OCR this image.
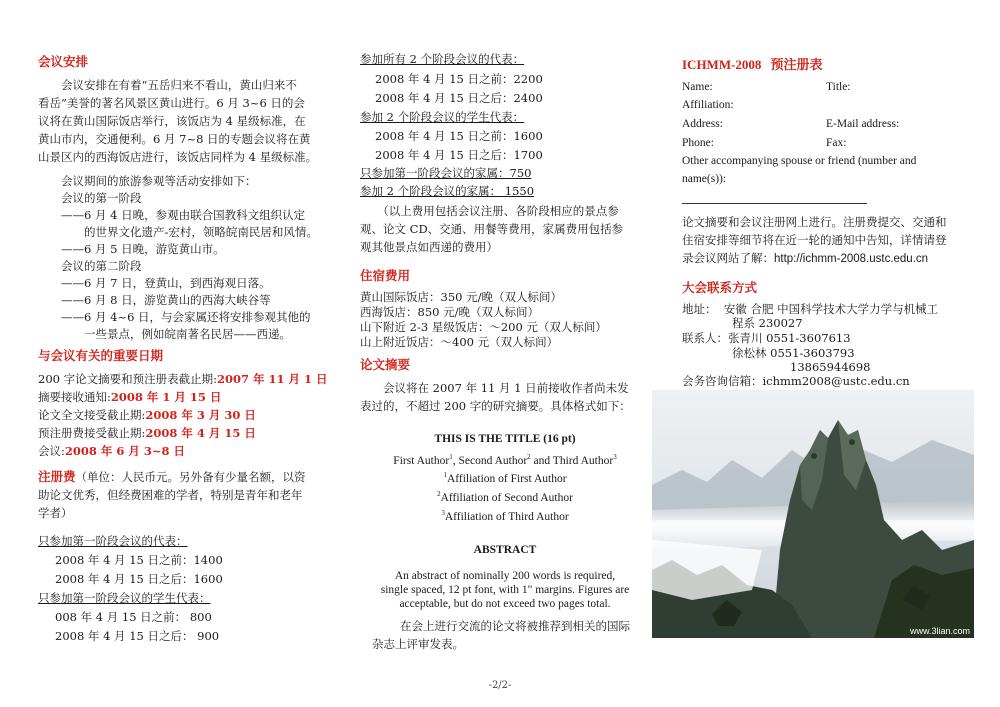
会议安排
　　会议安排在有着“五岳归来不看山，黄山归来不
看岳”美誉的著名风景区黄山进行。6 月 3~6 日的会
议将在黄山国际饭店举行，该饭店为 4 星级标准，在
黄山市内，交通便利。6 月 7~8 日的专题会议将在黄
山景区内的西海饭店进行，该饭店同样为 4 星级标准。
　　会议期间的旅游参观等活动安排如下：
　　会议的第一阶段
　　——6 月 4 日晚，参观由联合国教科文组织认定
　　　　的世界文化遗产-宏村，领略皖南民居和风情。
　　——6 月 5 日晚，游览黄山市。
　　会议的第二阶段
　　——6 月 7 日，登黄山，到西海观日落。
　　——6 月 8 日，游览黄山的西海大峡谷等
　　——6 月 4~6 日，与会家属还将安排参观其他的
　　　　一些景点，例如皖南著名民居——西递。
与会议有关的重要日期
200 字论文摘要和预注册表截止期:2007 年 11 月 1 日
摘要接收通知:2008 年 1 月 15 日
论文全文接受截止期:2008 年 3 月 30 日
预注册费接受截止期:2008 年 4 月 15 日
会议:2008 年 6 月 3~8 日
注册费（单位：人民币元。另外备有少量名额，以资
助论文优秀，但经费困难的学者，特别是青年和老年
学者）
只参加第一阶段会议的代表：
2008 年 4 月 15 日之前：1400
2008 年 4 月 15 日之后：1600
只参加第一阶段会议的学生代表：
008 年 4 月 15 日之前： 800
2008 年 4 月 15 日之后： 900
参加所有 2 个阶段会议的代表：
2008 年 4 月 15 日之前：2200
2008 年 4 月 15 日之后：2400
参加 2 个阶段会议的学生代表：
2008 年 4 月 15 日之前：1600
2008 年 4 月 15 日之后：1700
只参加第一阶段会议的家属：750
参加 2 个阶段会议的家属： 1550
　　（以上费用包括会议注册、各阶段相应的景点参
观、论文 CD、交通、用餐等费用，家属费用包括参
观其他景点如西递的费用）
住宿费用
黄山国际饭店：350 元/晚（双人标间）
西海饭店：850 元/晚（双人标间）
山下附近 2-3 星级饭店：～200 元（双人标间）
山上附近饭店：～400 元（双人标间）
论文摘要
　　会议将在 2007 年 11 月 1 日前接收作者尚未发
表过的，不超过 200 字的研究摘要。具体格式如下：
THIS IS THE TITLE (16 pt)
First Author$^1$, Second Author$^2$ and Third Author$^3$
$^1$Affiliation of First Author
$^2$Affiliation of Second Author
$^3$Affiliation of Third Author
ABSTRACT
An abstract of nominally 200 words is required,
single spaced, 12 pt font, with 1" margins. Figures are
acceptable, but do not exceed two pages total.
在会上进行交流的论文将被推荐到相关的国际
杂志上评审发表。
ICHMM-2008 预注册表
Name:	Title:
Affiliation:
Address:	E-Mail address:
Phone:	Fax:
Other accompanying spouse or friend (number and
name(s)):
论文摘要和会议注册网上进行。注册费提交、交通和
住宿安排等细节将在近一轮的通知中告知，详情请登
录会议网站了解：http://ichmm-2008.ustc.edu.cn
大会联系方式
地址： 安徽 合肥 中国科学技术大学力学与机械工
程系 230027
联系人：张青川 0551-3607613
徐松林 0551-3603793
13865944698
会务咨询信箱：ichmm2008@ustc.edu.cn
www.3lian.com
-2/2-
